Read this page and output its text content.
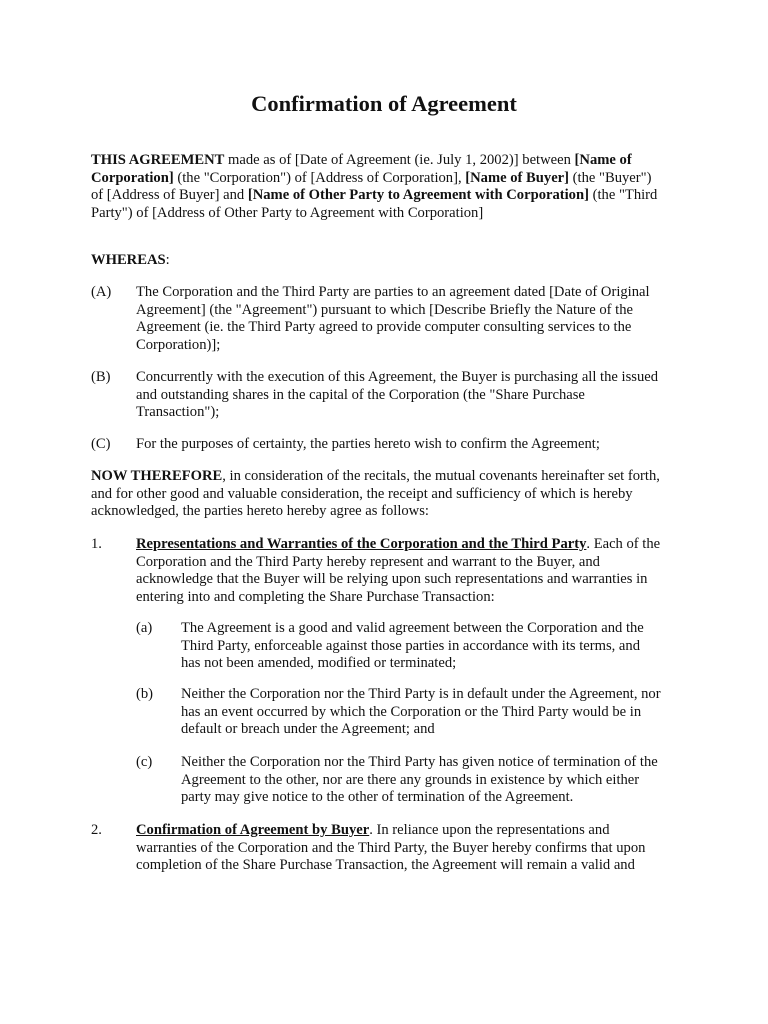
Confirmation of Agreement
THIS AGREEMENT made as of [Date of Agreement (ie. July 1, 2002)] between [Name of
Corporation] (the "Corporation") of [Address of Corporation], [Name of Buyer] (the "Buyer")
of [Address of Buyer] and [Name of Other Party to Agreement with Corporation] (the "Third
Party") of [Address of Other Party to Agreement with Corporation]
WHEREAS:
(A) The Corporation and the Third Party are parties to an agreement dated [Date of Original
Agreement] (the "Agreement") pursuant to which [Describe Briefly the Nature of the
Agreement (ie. the Third Party agreed to provide computer consulting services to the
Corporation)];
(B) Concurrently with the execution of this Agreement, the Buyer is purchasing all the issued
and outstanding shares in the capital of the Corporation (the "Share Purchase
Transaction");
(C) For the purposes of certainty, the parties hereto wish to confirm the Agreement;
NOW THEREFORE, in consideration of the recitals, the mutual covenants hereinafter set forth,
and for other good and valuable consideration, the receipt and sufficiency of which is hereby
acknowledged, the parties hereto hereby agree as follows:
1. Representations and Warranties of the Corporation and the Third Party. Each of the
Corporation and the Third Party hereby represent and warrant to the Buyer, and
acknowledge that the Buyer will be relying upon such representations and warranties in
entering into and completing the Share Purchase Transaction:
(a) The Agreement is a good and valid agreement between the Corporation and the
Third Party, enforceable against those parties in accordance with its terms, and
has not been amended, modified or terminated;
(b) Neither the Corporation nor the Third Party is in default under the Agreement, nor
has an event occurred by which the Corporation or the Third Party would be in
default or breach under the Agreement; and
(c) Neither the Corporation nor the Third Party has given notice of termination of the
Agreement to the other, nor are there any grounds in existence by which either
party may give notice to the other of termination of the Agreement.
2. Confirmation of Agreement by Buyer. In reliance upon the representations and
warranties of the Corporation and the Third Party, the Buyer hereby confirms that upon
completion of the Share Purchase Transaction, the Agreement will remain a valid and
